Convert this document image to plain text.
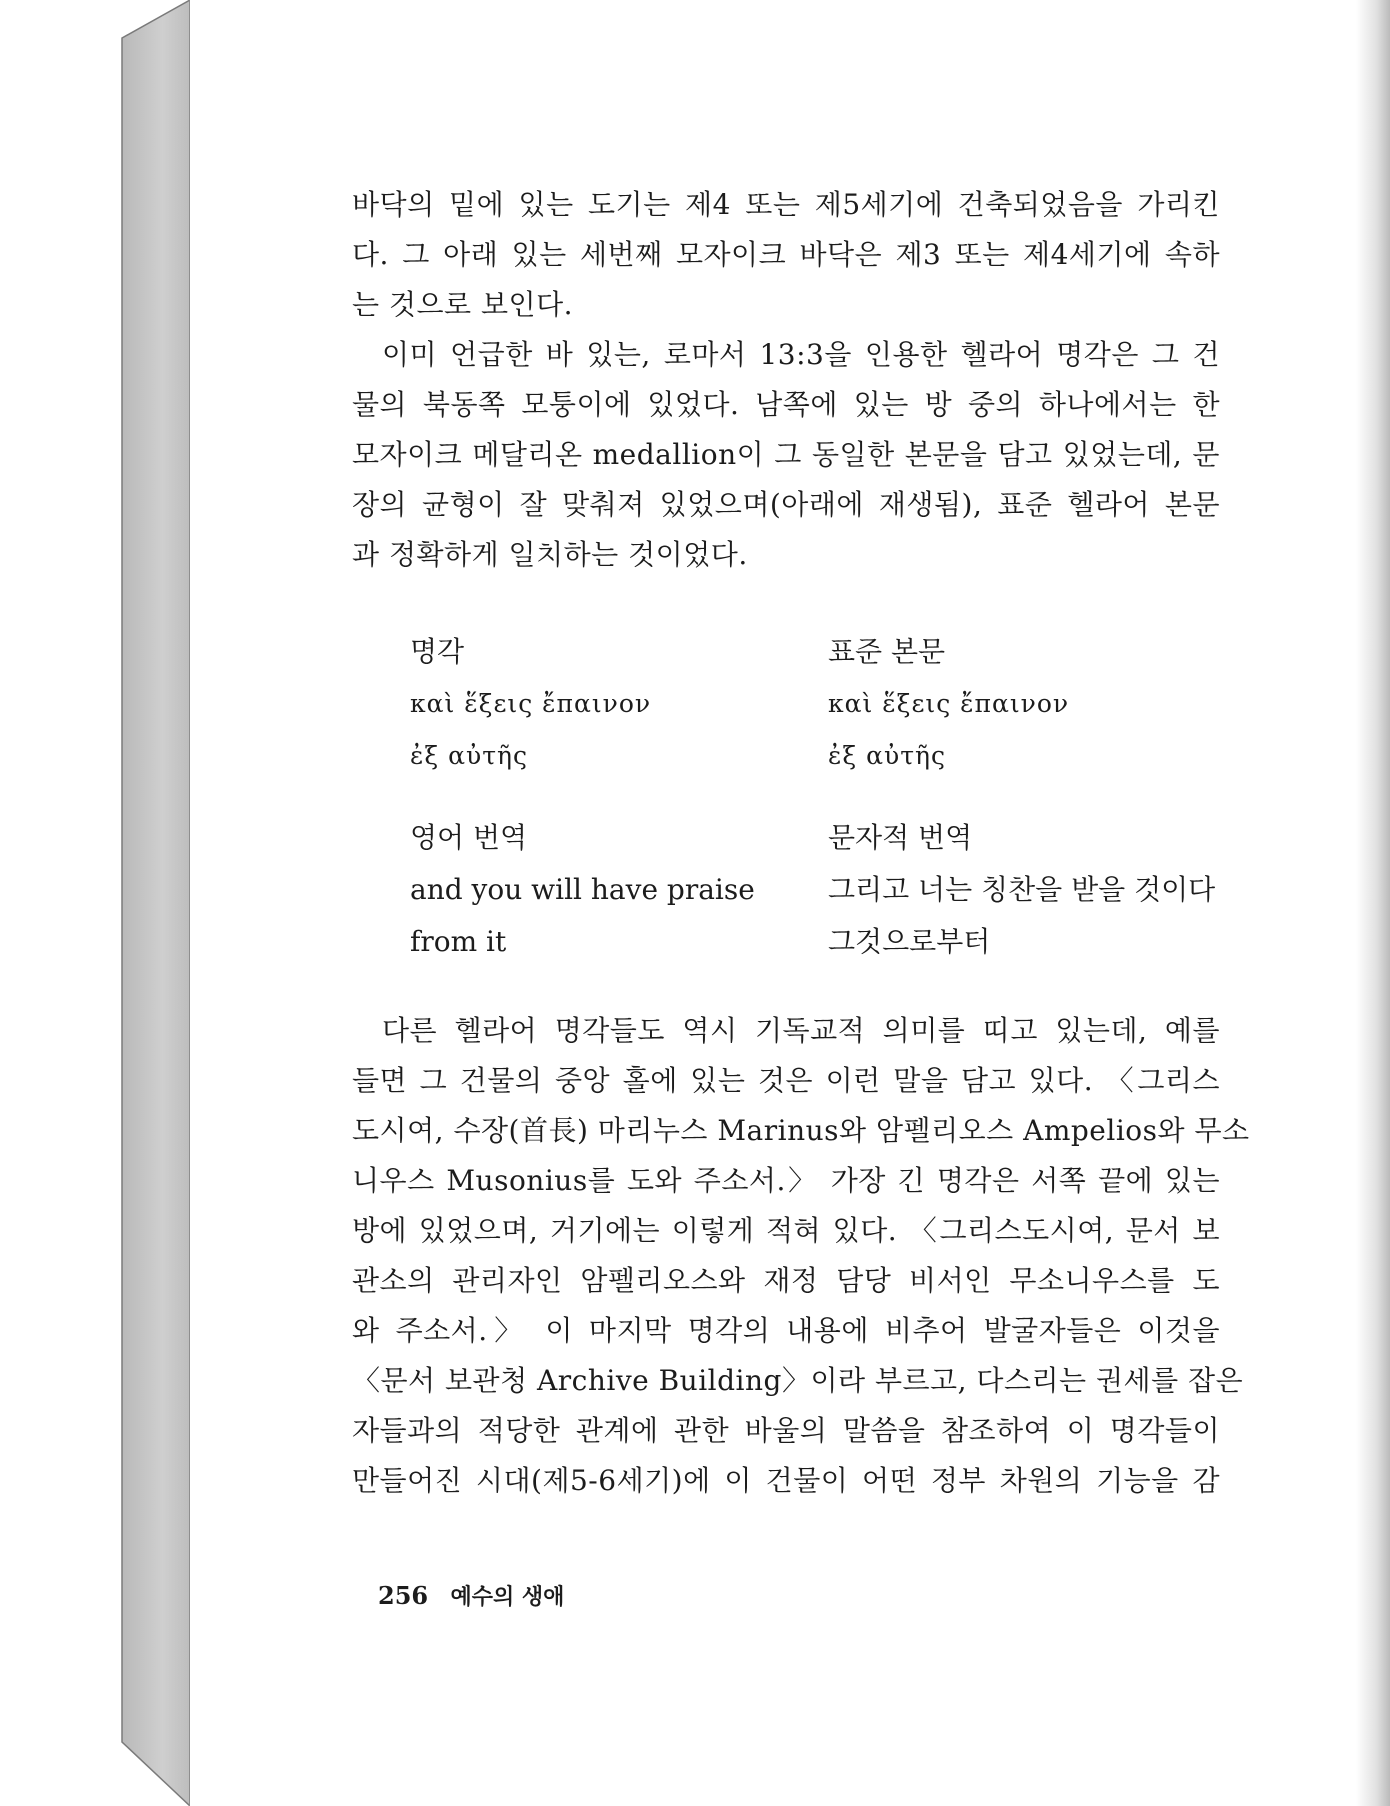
바닥의 밑에 있는 도기는 제4 또는 제5세기에 건축되었음을 가리킨
다. 그 아래 있는 세번째 모자이크 바닥은 제3 또는 제4세기에 속하
는 것으로 보인다.
이미 언급한 바 있는, 로마서 13:3을 인용한 헬라어 명각은 그 건
물의 북동쪽 모퉁이에 있었다. 남쪽에 있는 방 중의 하나에서는 한
모자이크 메달리온 medallion이 그 동일한 본문을 담고 있었는데, 문
장의 균형이 잘 맞춰져 있었으며(아래에 재생됨), 표준 헬라어 본문
과 정확하게 일치하는 것이었다.
명각
καὶ ἕξεις ἔπαινον
ἐξ αὐτῆς
영어 번역
and you will have praise
from it
표준 본문
καὶ ἕξεις ἔπαινον
ἐξ αὐτῆς
문자적 번역
그리고 너는 칭찬을 받을 것이다
그것으로부터
다른 헬라어 명각들도 역시 기독교적 의미를 띠고 있는데, 예를
들면 그 건물의 중앙 홀에 있는 것은 이런 말을 담고 있다. 〈그리스
도시여, 수장(首長) 마리누스 Marinus와 암펠리오스 Ampelios와 무소
니우스 Musonius를 도와 주소서.〉 가장 긴 명각은 서쪽 끝에 있는
방에 있었으며, 거기에는 이렇게 적혀 있다. 〈그리스도시여, 문서 보
관소의 관리자인 암펠리오스와 재정 담당 비서인 무소니우스를 도
와 주소서.〉 이 마지막 명각의 내용에 비추어 발굴자들은 이것을
〈문서 보관청 Archive Building〉이라 부르고, 다스리는 권세를 잡은
자들과의 적당한 관계에 관한 바울의 말씀을 참조하여 이 명각들이
만들어진 시대(제5-6세기)에 이 건물이 어떤 정부 차원의 기능을 감
256 예수의 생애
